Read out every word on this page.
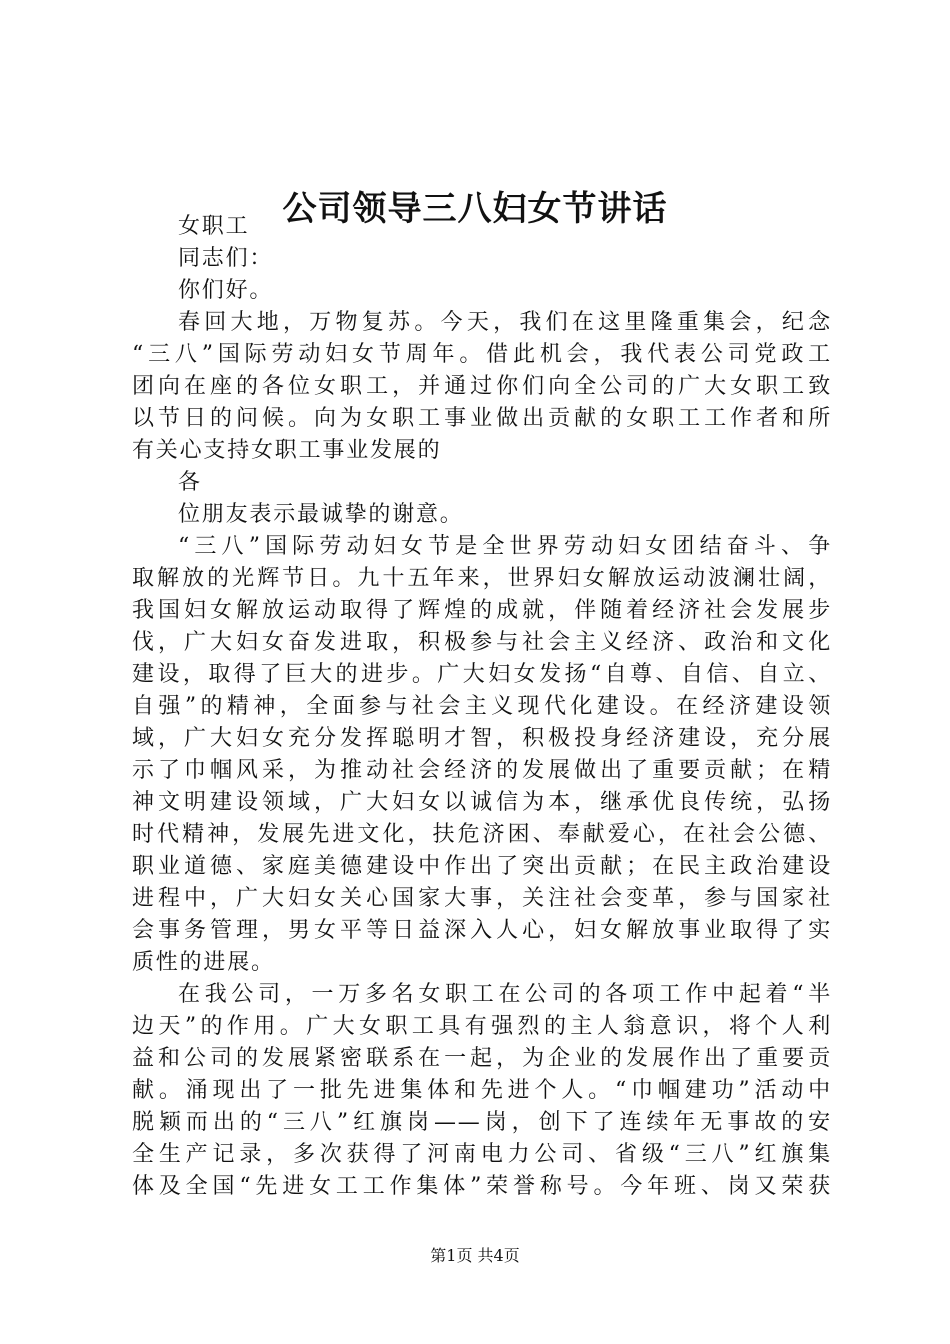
公司领导三八妇女节讲话
女职工
同志们：
你们好。
春回大地，万物复苏。今天，我们在这里隆重集会，纪念
“三八”国际劳动妇女节周年。借此机会，我代表公司党政工
团向在座的各位女职工，并通过你们向全公司的广大女职工致
以节日的问候。向为女职工事业做出贡献的女职工工作者和所
有关心支持女职工事业发展的
各
位朋友表示最诚挚的谢意。
“三八”国际劳动妇女节是全世界劳动妇女团结奋斗、争
取解放的光辉节日。九十五年来，世界妇女解放运动波澜壮阔，
我国妇女解放运动取得了辉煌的成就，伴随着经济社会发展步
伐，广大妇女奋发进取，积极参与社会主义经济、政治和文化
建设，取得了巨大的进步。广大妇女发扬“自尊、自信、自立、
自强”的精神，全面参与社会主义现代化建设。在经济建设领
域，广大妇女充分发挥聪明才智，积极投身经济建设，充分展
示了巾帼风采，为推动社会经济的发展做出了重要贡献；在精
神文明建设领域，广大妇女以诚信为本，继承优良传统，弘扬
时代精神，发展先进文化，扶危济困、奉献爱心，在社会公德、
职业道德、家庭美德建设中作出了突出贡献；在民主政治建设
进程中，广大妇女关心国家大事，关注社会变革，参与国家社
会事务管理，男女平等日益深入人心，妇女解放事业取得了实
质性的进展。
在我公司，一万多名女职工在公司的各项工作中起着“半
边天”的作用。广大女职工具有强烈的主人翁意识，将个人利
益和公司的发展紧密联系在一起，为企业的发展作出了重要贡
献。涌现出了一批先进集体和先进个人。“巾帼建功”活动中
脱颖而出的“三八”红旗岗——岗，创下了连续年无事故的安
全生产记录，多次获得了河南电力公司、省级“三八”红旗集
体及全国“先进女工工作集体”荣誉称号。今年班、岗又荣获
第1页 共4页
